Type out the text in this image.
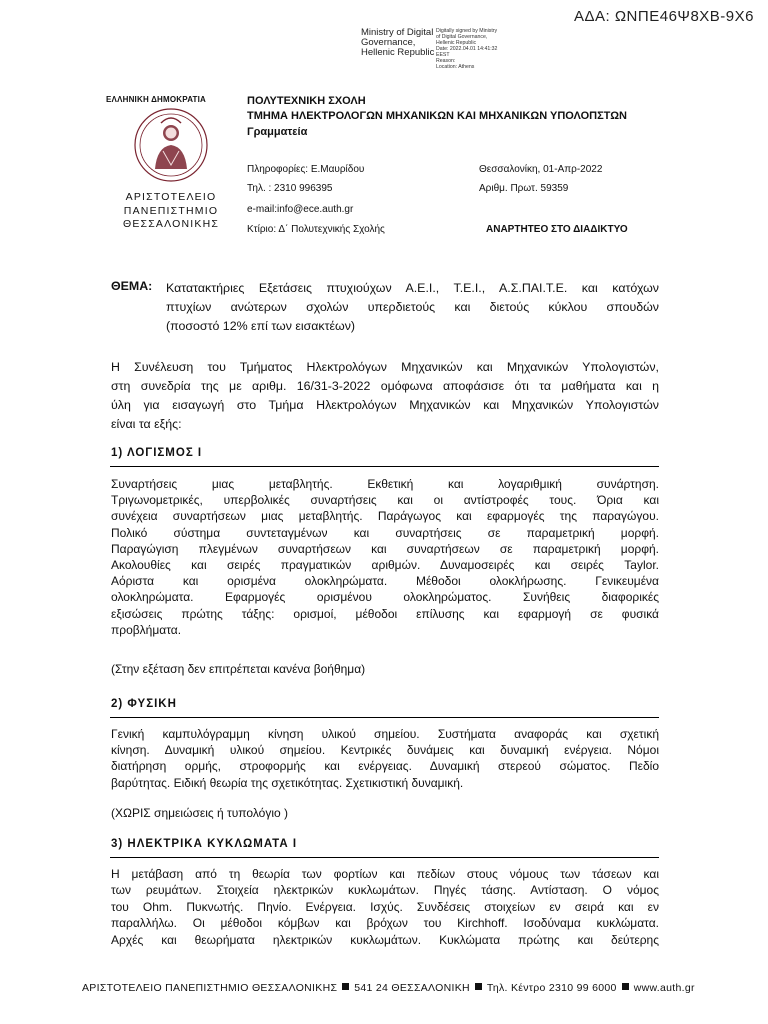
ΑΔΑ: ΩΝΠΕ46Ψ8ΧΒ-9Χ6
Ministry of Digital
Governance,
Hellenic Republic
Digitally signed by Ministry
of Digital Governance,
Hellenic Republic
Date: 2022.04.01 14:41:32
EEST
Reason:
Location: Athens
ΕΛΛΗΝΙΚΗ ΔΗΜΟΚΡΑΤΙΑ
ΑΡΙΣΤΟΤΕΛΕΙΟ
ΠΑΝΕΠΙΣΤΗΜΙΟ
ΘΕΣΣΑΛΟΝΙΚΗΣ
ΠΟΛΥΤΕΧΝΙΚΗ ΣΧΟΛΗ
ΤΜΗΜΑ ΗΛΕΚΤΡΟΛΟΓΩΝ ΜΗΧΑΝΙΚΩΝ ΚΑΙ ΜΗΧΑΝΙΚΩΝ ΥΠΟΛΟΠΣΤΩΝ
Γραμματεία
Πληροφορίες: Ε.Μαυρίδου
Τηλ. : 2310 996395
e-mail:info@ece.auth.gr
Κτίριο: Δ΄ Πολυτεχνικής Σχολής
Θεσσαλονίκη, 01-Απρ-2022
Αριθμ. Πρωτ. 59359
ΑΝΑΡΤΗΤΕΟ ΣΤΟ ΔΙΑΔΙΚΤΥΟ
ΘΕΜΑ: Κατατακτήριες Εξετάσεις πτυχιούχων Α.Ε.Ι., Τ.Ε.Ι., Α.Σ.ΠΑΙ.Τ.Ε. και κατόχων
πτυχίων ανώτερων σχολών υπερδιετούς και διετούς κύκλου σπουδών
(ποσοστό 12% επί των εισακτέων)
Η Συνέλευση του Τμήματος Ηλεκτρολόγων Μηχανικών και Μηχανικών Υπολογιστών,
στη συνεδρία της με αριθμ. 16/31-3-2022 ομόφωνα αποφάσισε ότι τα μαθήματα και η
ύλη για εισαγωγή στο Τμήμα Ηλεκτρολόγων Μηχανικών και Μηχανικών Υπολογιστών
είναι τα εξής:
1) ΛΟΓΙΣΜΟΣ Ι
Συναρτήσεις μιας μεταβλητής. Εκθετική και λογαριθμική συνάρτηση.
Τριγωνομετρικές, υπερβολικές συναρτήσεις και οι αντίστροφές τους. Όρια και
συνέχεια συναρτήσεων μιας μεταβλητής. Παράγωγος και εφαρμογές της παραγώγου.
Πολικό σύστημα συντεταγμένων και συναρτήσεις σε παραμετρική μορφή.
Παραγώγιση πλεγμένων συναρτήσεων και συναρτήσεων σε παραμετρική μορφή.
Ακολουθίες και σειρές πραγματικών αριθμών. Δυναμοσειρές και σειρές Taylor.
Αόριστα και ορισμένα ολοκληρώματα. Μέθοδοι ολοκλήρωσης. Γενικευμένα
ολοκληρώματα. Εφαρμογές ορισμένου ολοκληρώματος. Συνήθεις διαφορικές
εξισώσεις πρώτης τάξης: ορισμοί, μέθοδοι επίλυσης και εφαρμογή σε φυσικά
προβλήματα.
(Στην εξέταση δεν επιτρέπεται κανένα βοήθημα)
2) ΦΥΣΙΚΗ
Γενική καμπυλόγραμμη κίνηση υλικού σημείου. Συστήματα αναφοράς και σχετική
κίνηση. Δυναμική υλικού σημείου. Κεντρικές δυνάμεις και δυναμική ενέργεια. Νόμοι
διατήρηση ορμής, στροφορμής και ενέργειας. Δυναμική στερεού σώματος. Πεδίο
βαρύτητας. Ειδική θεωρία της σχετικότητας. Σχετικιστική δυναμική.
(ΧΩΡΙΣ σημειώσεις ή τυπολόγιο )
3) ΗΛΕΚΤΡΙΚΑ ΚΥΚΛΩΜΑΤΑ Ι
Η μετάβαση από τη θεωρία των φορτίων και πεδίων στους νόμους των τάσεων και
των ρευμάτων. Στοιχεία ηλεκτρικών κυκλωμάτων. Πηγές τάσης. Αντίσταση. Ο νόμος
του Ohm. Πυκνωτής. Πηνίο. Ενέργεια. Ισχύς. Συνδέσεις στοιχείων εν σειρά και εν
παραλλήλω. Οι μέθοδοι κόμβων και βρόχων του Kirchhoff. Ισοδύναμα κυκλώματα.
Αρχές και θεωρήματα ηλεκτρικών κυκλωμάτων. Κυκλώματα πρώτης και δεύτερης
ΑΡΙΣΤΟΤΕΛΕΙΟ ΠΑΝΕΠΙΣΤΗΜΙΟ ΘΕΣΣΑΛΟΝΙΚΗΣ 541 24 ΘΕΣΣΑΛΟΝΙΚΗ Τηλ. Κέντρο 2310 99 6000 www.auth.gr
